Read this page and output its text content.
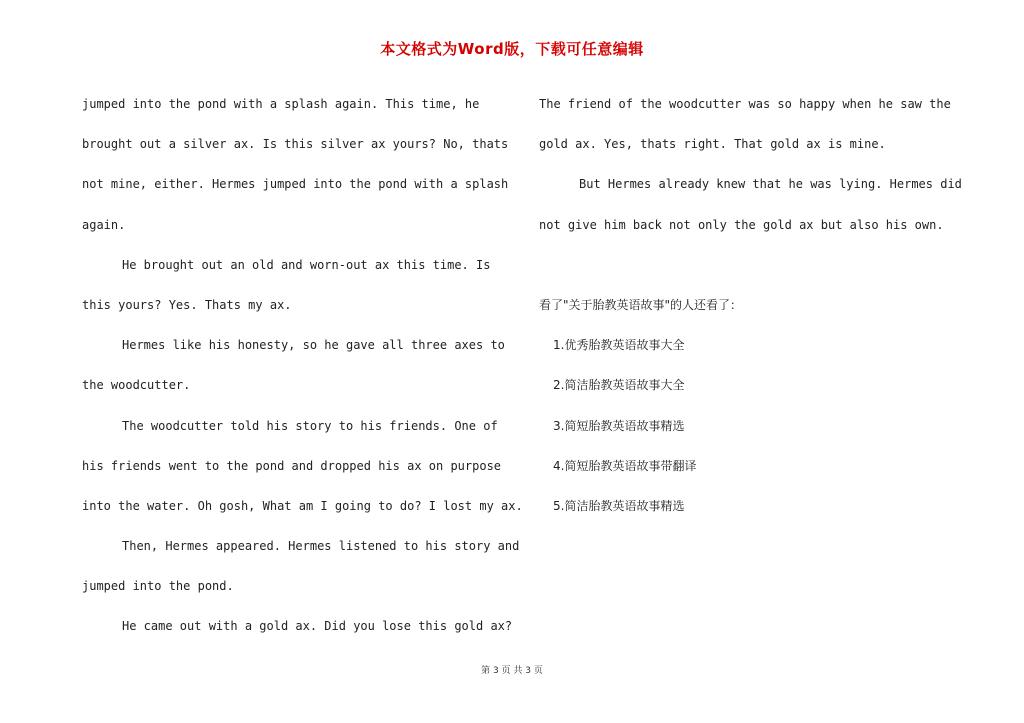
本文格式为Word版，下载可任意编辑
jumped into the pond with a splash again. This time, he
brought out a silver ax. Is this silver ax yours? No, thats
not mine, either. Hermes jumped into the pond with a splash
again.
He brought out an old and worn-out ax this time. Is
this yours? Yes. Thats my ax.
Hermes like his honesty, so he gave all three axes to
the woodcutter.
The woodcutter told his story to his friends. One of
his friends went to the pond and dropped his ax on purpose
into the water. Oh gosh, What am I going to do? I lost my ax.
Then, Hermes appeared. Hermes listened to his story and
jumped into the pond.
He came out with a gold ax. Did you lose this gold ax?
The friend of the woodcutter was so happy when he saw the
gold ax. Yes, thats right. That gold ax is mine.
But Hermes already knew that he was lying. Hermes did
not give him back not only the gold ax but also his own.
看了"关于胎教英语故事"的人还看了：
1.优秀胎教英语故事大全
2.简洁胎教英语故事大全
3.简短胎教英语故事精选
4.简短胎教英语故事带翻译
5.简洁胎教英语故事精选
第 3 页 共 3 页
